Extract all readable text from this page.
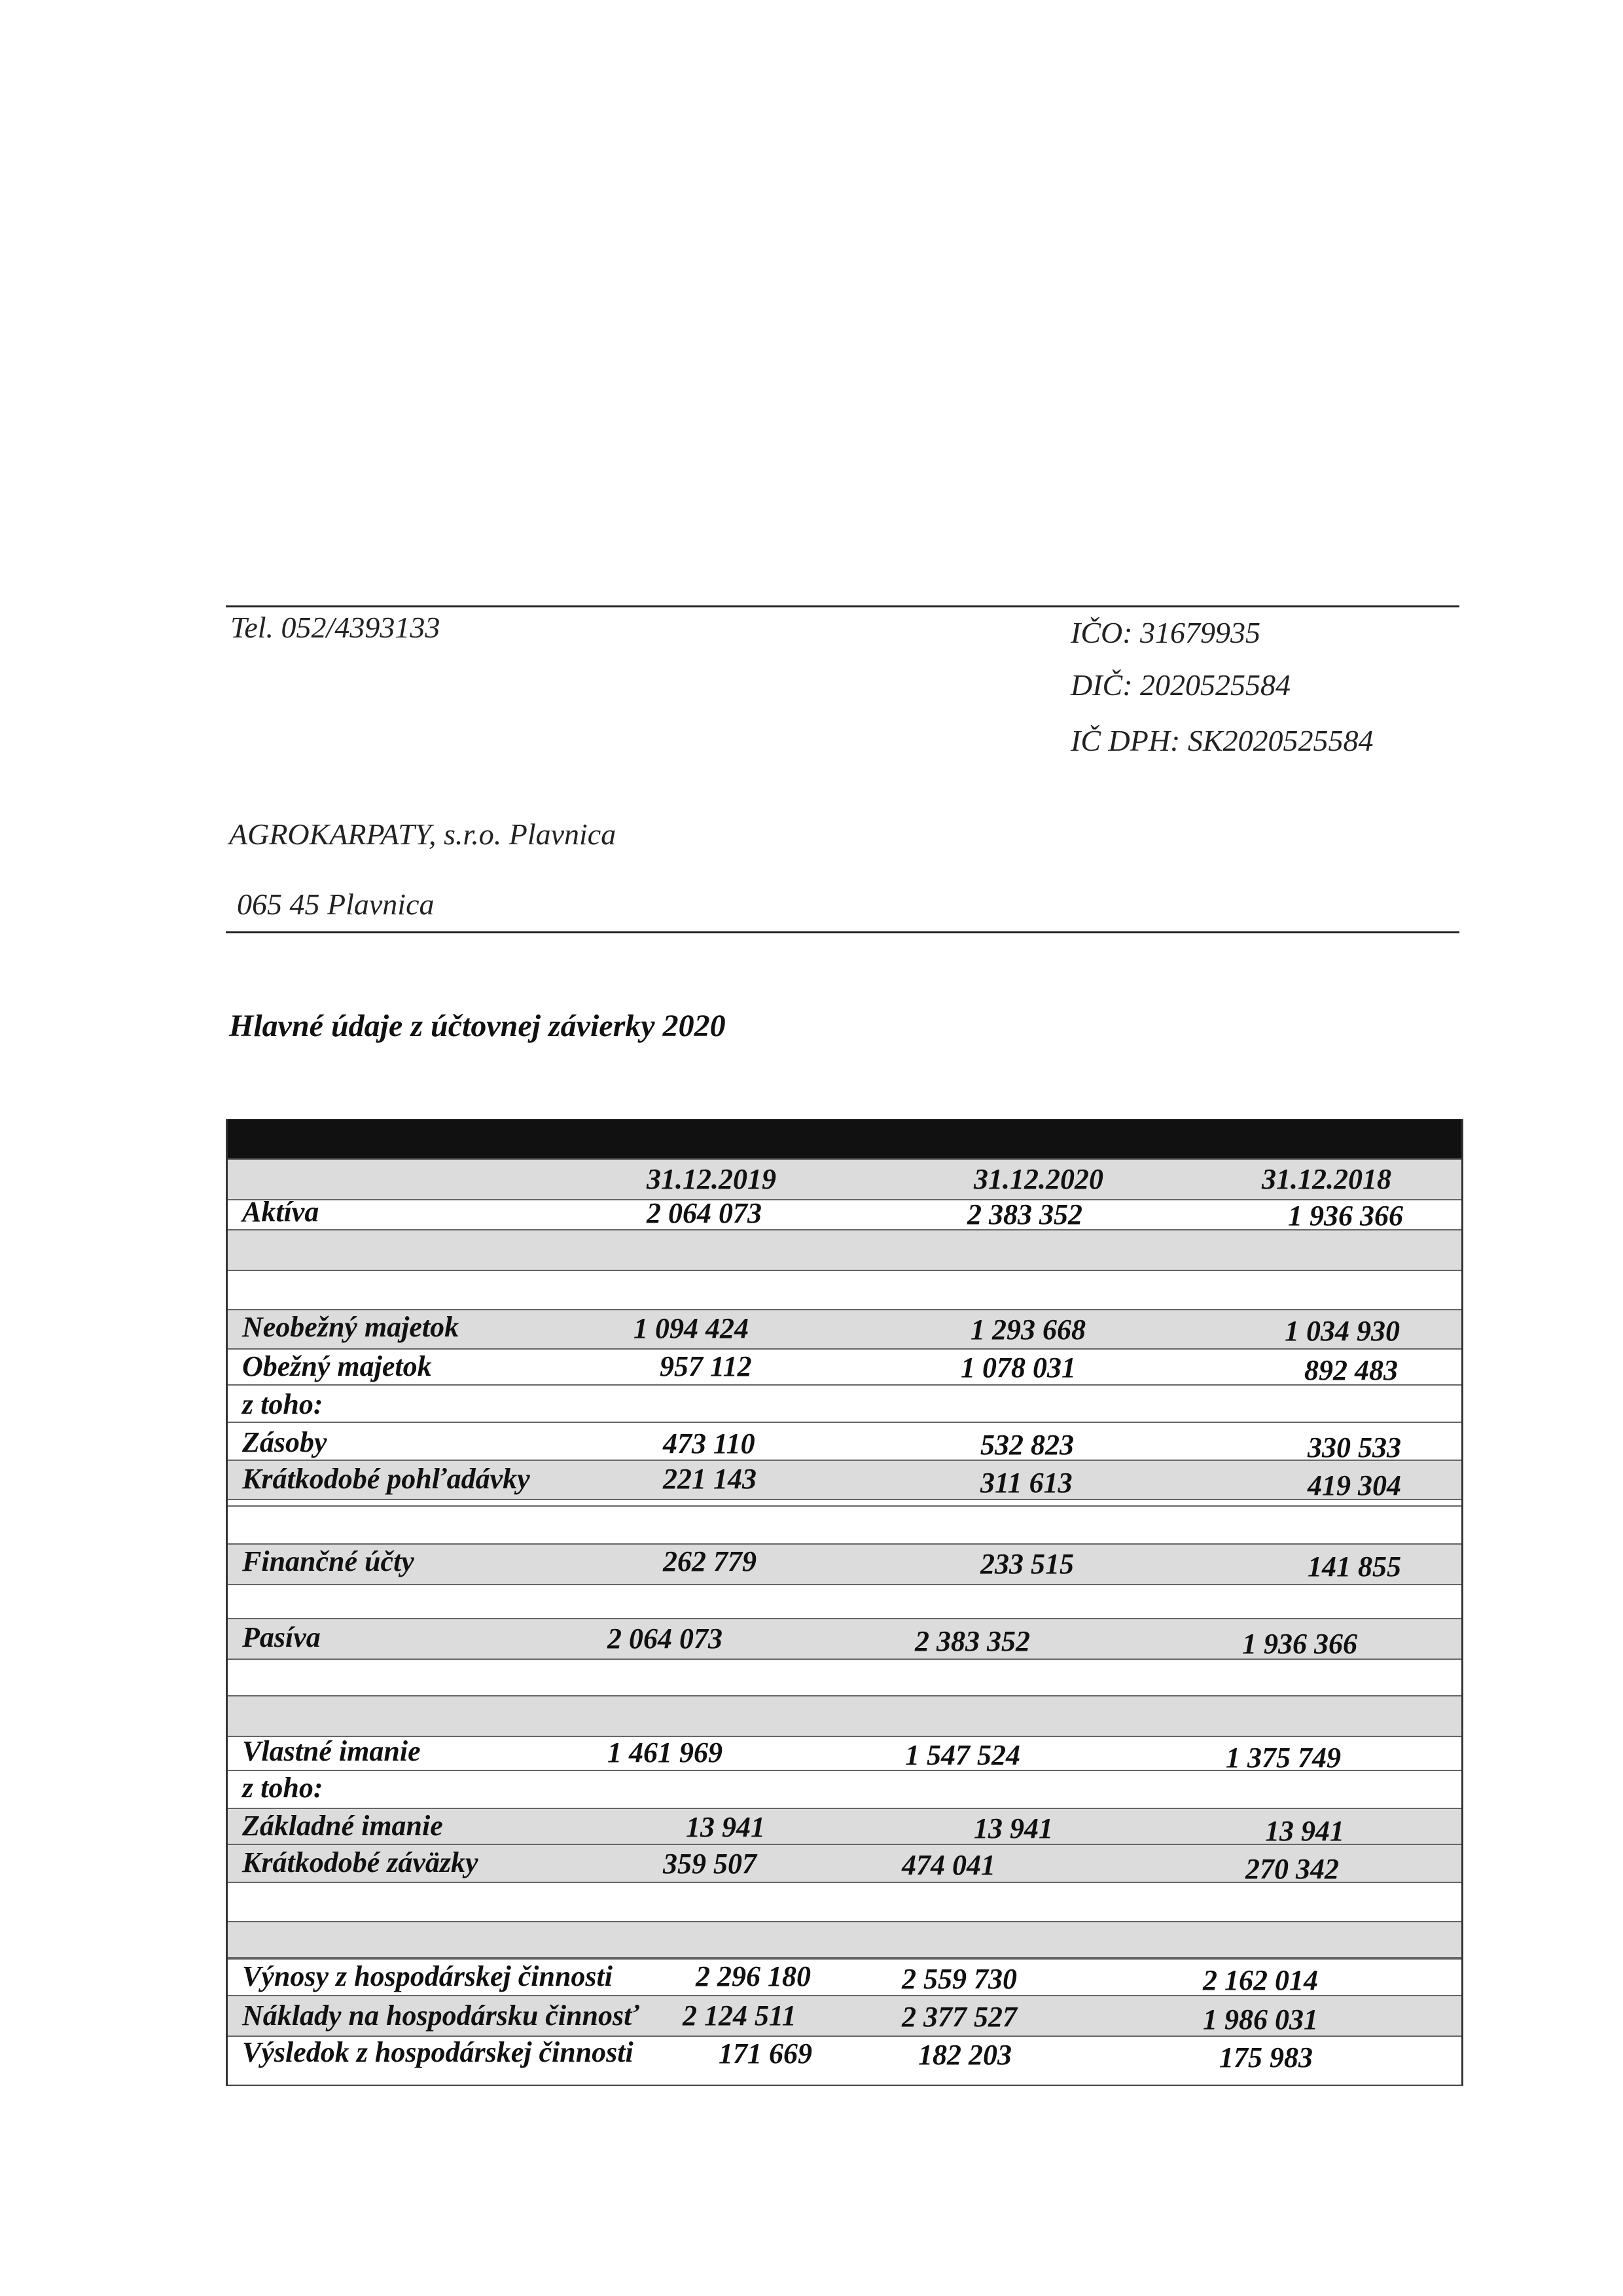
Tel. 052/4393133	IČO: 31679935
DIČ: 2020525584
IČ DPH: SK2020525584
AGROKARPATY, s.r.o. Plavnica
065 45 Plavnica
Hlavné údaje z účtovnej závierky 2020
31.12.2019	31.12.2020	31.12.2018
Aktíva	2 064 073	2 383 352	1 936 366
Neobežný majetok	1 094 424	1 293 668	1 034 930
Obežný majetok	957 112	1 078 031	892 483
z toho:
Zásoby	473 110	532 823	330 533
Krátkodobé pohľadávky	221 143	311 613	419 304
Finančné účty	262 779	233 515	141 855
Pasíva	2 064 073	2 383 352	1 936 366
Vlastné imanie	1 461 969	1 547 524	1 375 749
z toho:
Základné imanie	13 941	13 941	13 941
Krátkodobé záväzky	359 507	474 041	270 342
Výnosy z hospodárskej činnosti	2 296 180	2 559 730	2 162 014
Náklady na hospodársku činnosť 2 124 511	2 377 527	1 986 031
Výsledok z hospodárskej činnosti	171 669	182 203	175 983
